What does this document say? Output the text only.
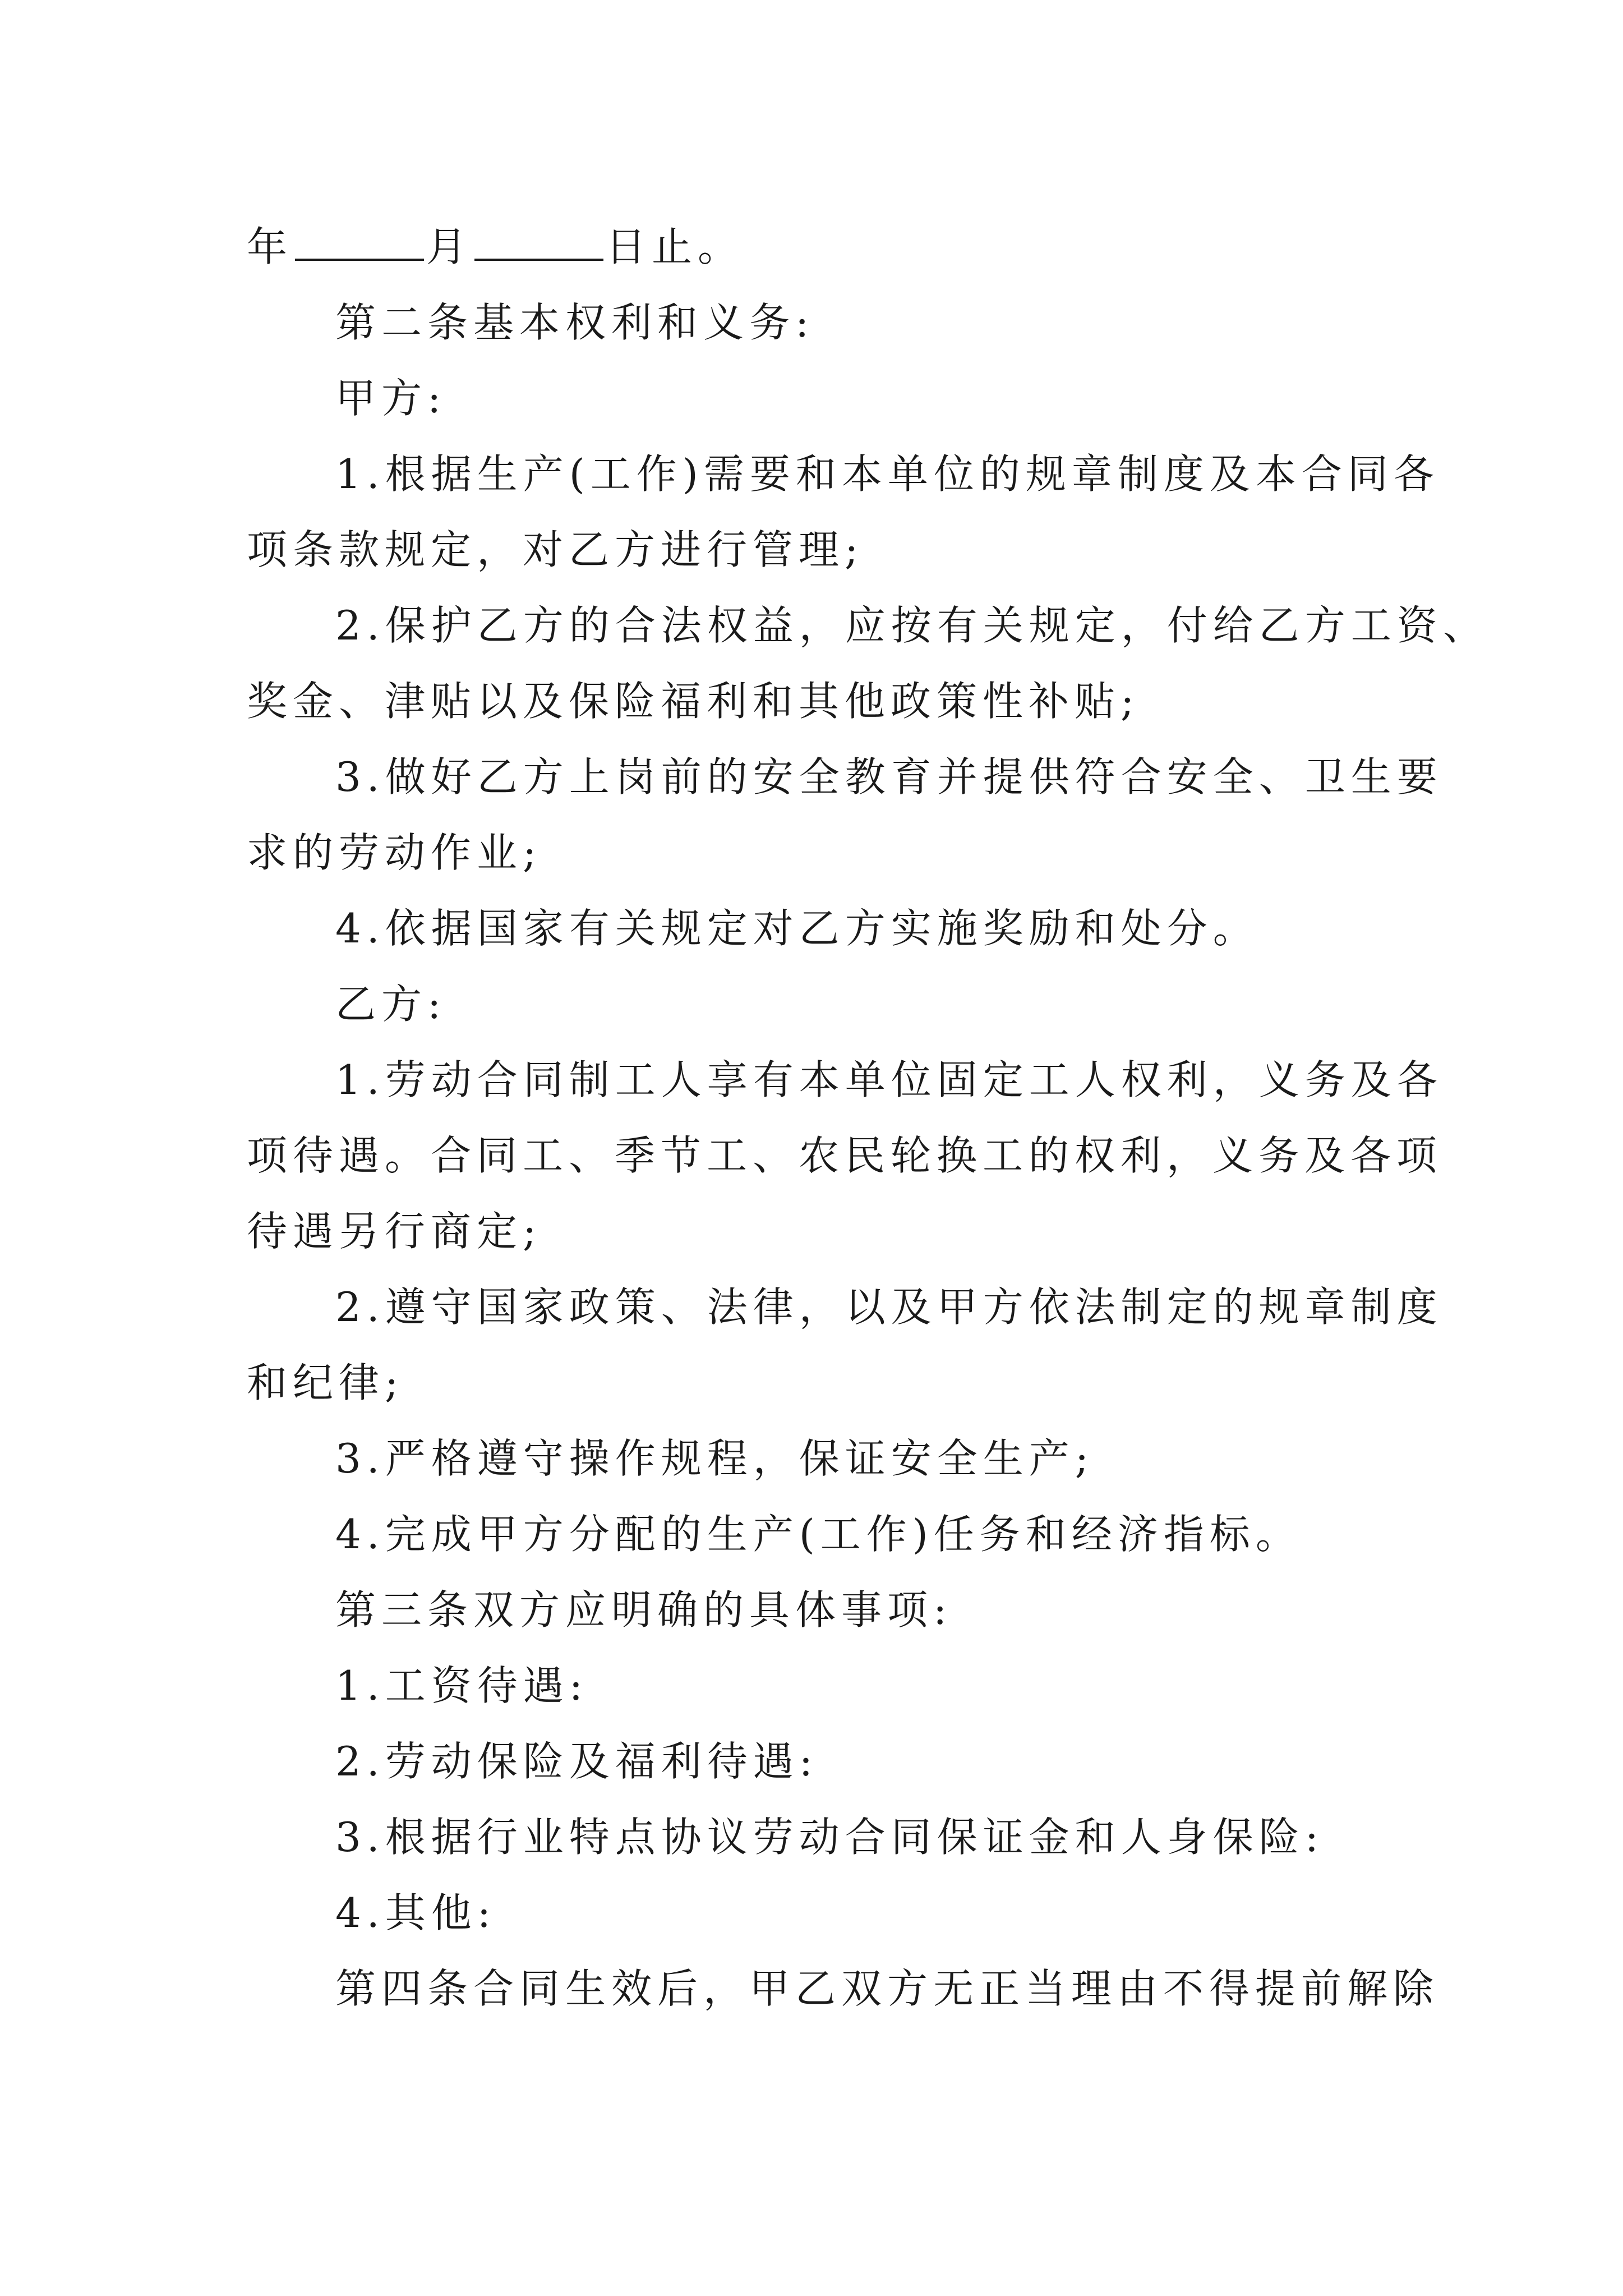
年	月	日止。
第二条基本权利和义务:
甲方:
1.根据生产(工作)需要和本单位的规章制度及本合同各
项条款规定，对乙方进行管理;
2.保护乙方的合法权益，应按有关规定，付给乙方工资、
奖金、津贴以及保险福利和其他政策性补贴;
3.做好乙方上岗前的安全教育并提供符合安全、卫生要
求的劳动作业;
4.依据国家有关规定对乙方实施奖励和处分。
乙方:
1.劳动合同制工人享有本单位固定工人权利，义务及各
项待遇。合同工、季节工、农民轮换工的权利，义务及各项
待遇另行商定;
2.遵守国家政策、法律，以及甲方依法制定的规章制度
和纪律;
3.严格遵守操作规程，保证安全生产;
4.完成甲方分配的生产(工作)任务和经济指标。
第三条双方应明确的具体事项:
1.工资待遇:
2.劳动保险及福利待遇:
3.根据行业特点协议劳动合同保证金和人身保险:
4.其他:
第四条合同生效后，甲乙双方无正当理由不得提前解除
